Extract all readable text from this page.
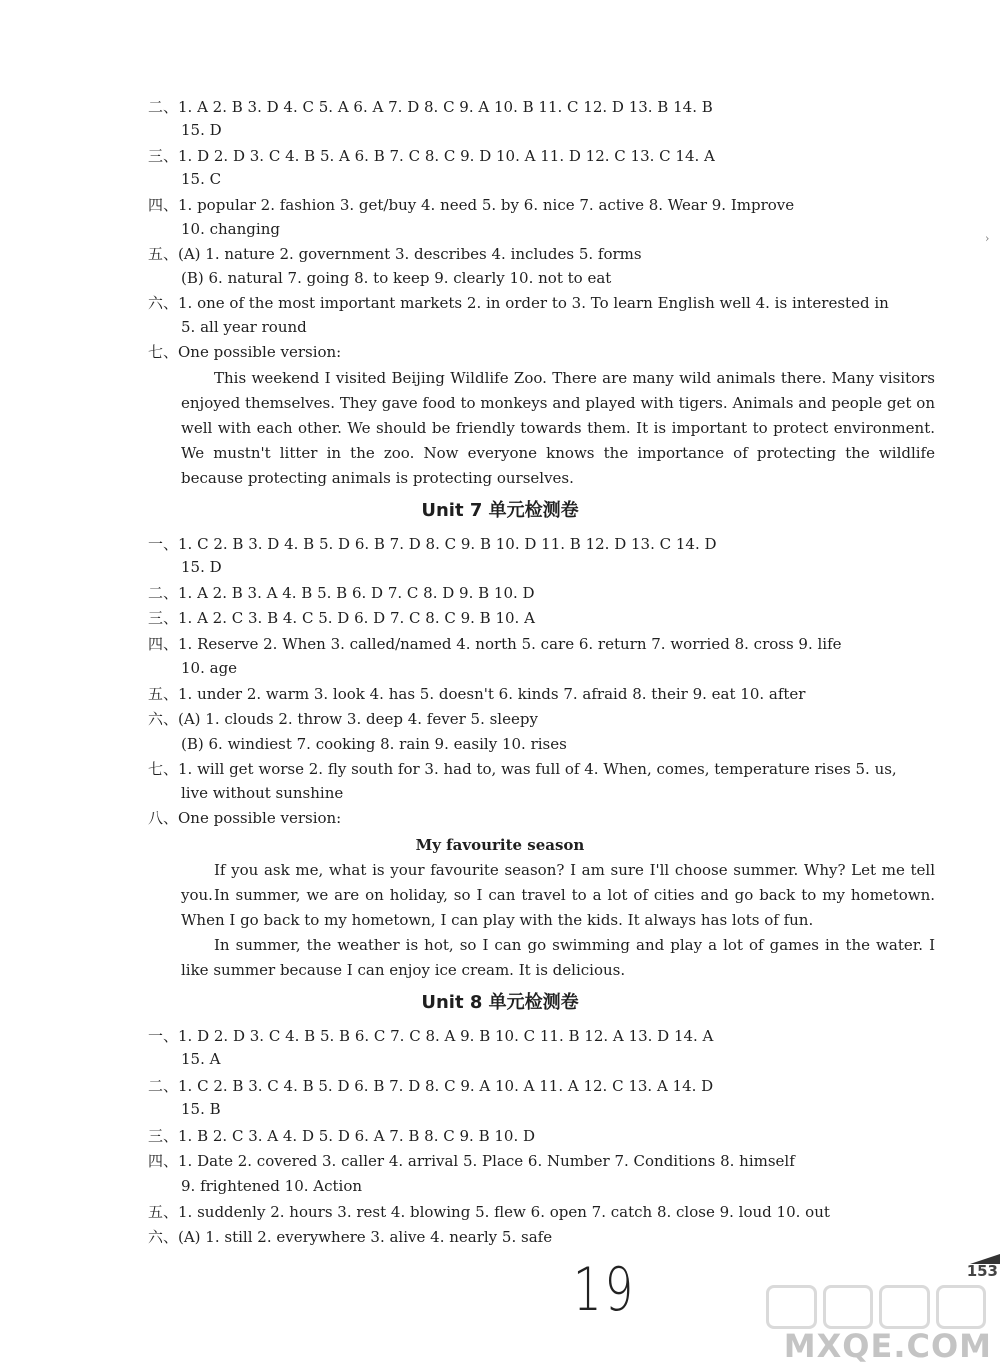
二、1. A 2. B 3. D 4. C 5. A 6. A 7. D 8. C 9. A 10. B 11. C 12. D 13. B 14. B
15. D
三、1. D 2. D 3. C 4. B 5. A 6. B 7. C 8. C 9. D 10. A 11. D 12. C 13. C 14. A
15. C
四、1. popular 2. fashion 3. get/buy 4. need 5. by 6. nice 7. active 8. Wear 9. Improve
10. changing
五、(A) 1. nature 2. government 3. describes 4. includes 5. forms
(B) 6. natural 7. going 8. to keep 9. clearly 10. not to eat
六、1. one of the most important markets 2. in order to 3. To learn English well 4. is interested in
5. all year round
七、One possible version:
This weekend I visited Beijing Wildlife Zoo. There are many wild animals there. Many visitors enjoyed themselves. They gave food to monkeys and played with tigers. Animals and people get on well with each other. We should be friendly towards them. It is important to protect environment. We mustn't litter in the zoo. Now everyone knows the importance of protecting the wildlife because protecting animals is protecting ourselves.
Unit 7 单元检测卷
一、1. C 2. B 3. D 4. B 5. D 6. B 7. D 8. C 9. B 10. D 11. B 12. D 13. C 14. D
15. D
二、1. A 2. B 3. A 4. B 5. B 6. D 7. C 8. D 9. B 10. D
三、1. A 2. C 3. B 4. C 5. D 6. D 7. C 8. C 9. B 10. A
四、1. Reserve 2. When 3. called/named 4. north 5. care 6. return 7. worried 8. cross 9. life
10. age
五、1. under 2. warm 3. look 4. has 5. doesn't 6. kinds 7. afraid 8. their 9. eat 10. after
六、(A) 1. clouds 2. throw 3. deep 4. fever 5. sleepy
(B) 6. windiest 7. cooking 8. rain 9. easily 10. rises
七、1. will get worse 2. fly south for 3. had to, was full of 4. When, comes, temperature rises 5. us,
live without sunshine
八、One possible version:
My favourite season
If you ask me, what is your favourite season? I am sure I'll choose summer. Why? Let me tell you. In summer, we are on holiday, so I can travel to a lot of cities and go back to my hometown. When I go back to my hometown, I can play with the kids. It always has lots of fun.
In summer, the weather is hot, so I can go swimming and play a lot of games in the water. I like summer because I can enjoy ice cream. It is delicious.
Unit 8 单元检测卷
一、1. D 2. D 3. C 4. B 5. B 6. C 7. C 8. A 9. B 10. C 11. B 12. A 13. D 14. A
15. A
二、1. C 2. B 3. C 4. B 5. D 6. B 7. D 8. C 9. A 10. A 11. A 12. C 13. A 14. D
15. B
三、1. B 2. C 3. A 4. D 5. D 6. A 7. B 8. C 9. B 10. D
四、1. Date 2. covered 3. caller 4. arrival 5. Place 6. Number 7. Conditions 8. himself
9. frightened 10. Action
五、1. suddenly 2. hours 3. rest 4. blowing 5. flew 6. open 7. catch 8. close 9. loud 10. out
六、(A) 1. still 2. everywhere 3. alive 4. nearly 5. safe
›
19	153
MXQE.COM
